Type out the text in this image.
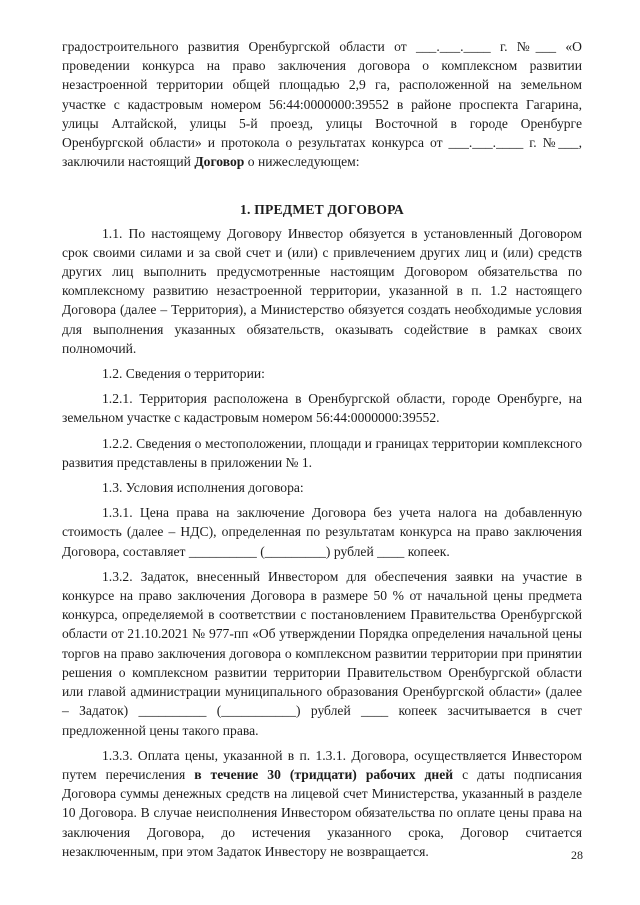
градостроительного развития Оренбургской области от ___.___.____ г. №___ «О проведении конкурса на право заключения договора о комплексном развитии незастроенной территории общей площадью 2,9 га, расположенной на земельном участке с кадастровым номером 56:44:0000000:39552 в районе проспекта Гагарина, улицы Алтайской, улицы 5-й проезд, улицы Восточной в городе Оренбурге Оренбургской области» и протокола о результатах конкурса от ___.___.____ г. №___, заключили настоящий Договор о нижеследующем:

1. ПРЕДМЕТ ДОГОВОРА

1.1. По настоящему Договору Инвестор обязуется в установленный Договором срок своими силами и за свой счет и (или) с привлечением других лиц и (или) средств других лиц выполнить предусмотренные настоящим Договором обязательства по комплексному развитию незастроенной территории, указанной в п. 1.2 настоящего Договора (далее – Территория), а Министерство обязуется создать необходимые условия для выполнения указанных обязательств, оказывать содействие в рамках своих полномочий.

1.2. Сведения о территории:

1.2.1. Территория расположена в Оренбургской области, городе Оренбурге, на земельном участке с кадастровым номером 56:44:0000000:39552.

1.2.2. Сведения о местоположении, площади и границах территории комплексного развития представлены в приложении № 1.

1.3. Условия исполнения договора:

1.3.1. Цена права на заключение Договора без учета налога на добавленную стоимость (далее – НДС), определенная по результатам конкурса на право заключения Договора, составляет __________ (_________) рублей ____ копеек.

1.3.2. Задаток, внесенный Инвестором для обеспечения заявки на участие в конкурсе на право заключения Договора в размере 50 % от начальной цены предмета конкурса, определяемой в соответствии с постановлением Правительства Оренбургской области от 21.10.2021 № 977-пп «Об утверждении Порядка определения начальной цены торгов на право заключения договора о комплексном развитии территории при принятии решения о комплексном развитии территории Правительством Оренбургской области или главой администрации муниципального образования Оренбургской области» (далее – Задаток) __________ (___________) рублей ____ копеек засчитывается в счет предложенной цены такого права.

1.3.3. Оплата цены, указанной в п. 1.3.1. Договора, осуществляется Инвестором путем перечисления в течение 30 (тридцати) рабочих дней с даты подписания Договора суммы денежных средств на лицевой счет Министерства, указанный в разделе 10 Договора. В случае неисполнения Инвестором обязательства по оплате цены права на заключения Договора, до истечения указанного срока, Договор считается незаключенным, при этом Задаток Инвестору не возвращается.	28
